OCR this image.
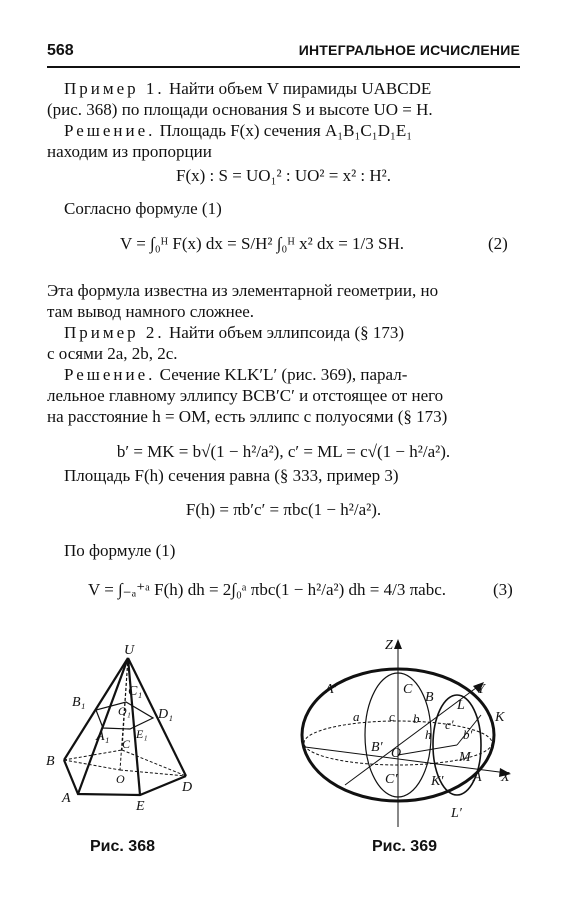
568	ИНТЕГРАЛЬНОЕ ИСЧИСЛЕНИЕ
Пример 1. Найти объем V пирамиды UABCDE
(рис. 368) по площади основания S и высоте UO = H.
Решение. Площадь F(x) сечения A₁B₁C₁D₁E₁
находим из пропорции
F(x) : S = UO₁² : UO² = x² : H².
Согласно формуле (1)
V = ∫₀ᴴ F(x) dx = S/H² ∫₀ᴴ x² dx = 1/3 SH.	(2)
Эта формула известна из элементарной геометрии, но
там вывод намного сложнее.
Пример 2. Найти объем эллипсоида (§ 173)
с осями 2a, 2b, 2c.
Решение. Сечение KLK′L′ (рис. 369), парал-
лельное главному эллипсу BCB′C′ и отстоящее от него
на расстояние h = OM, есть эллипс с полуосями (§ 173)
b′ = MK = b√(1 − h²/a²), c′ = ML = c√(1 − h²/a²).
Площадь F(h) сечения равна (§ 333, пример 3)
F(h) = πb′c′ = πbc(1 − h²/a²).
По формуле (1)
V = ∫₋ₐ⁺ᵃ F(h) dh = 2∫₀ᵃ πbc(1 − h²/a²) dh = 4/3 πabc.	(3)
U
C₁
B₁
O₁ D₁
A₁ E₁
C
B
O
D
A
E
Рис. 368
Z
A′	C
B
Y
L
K
a c b c′
h b′
B′ O	M
C′ K′ A X
L′
Рис. 369
